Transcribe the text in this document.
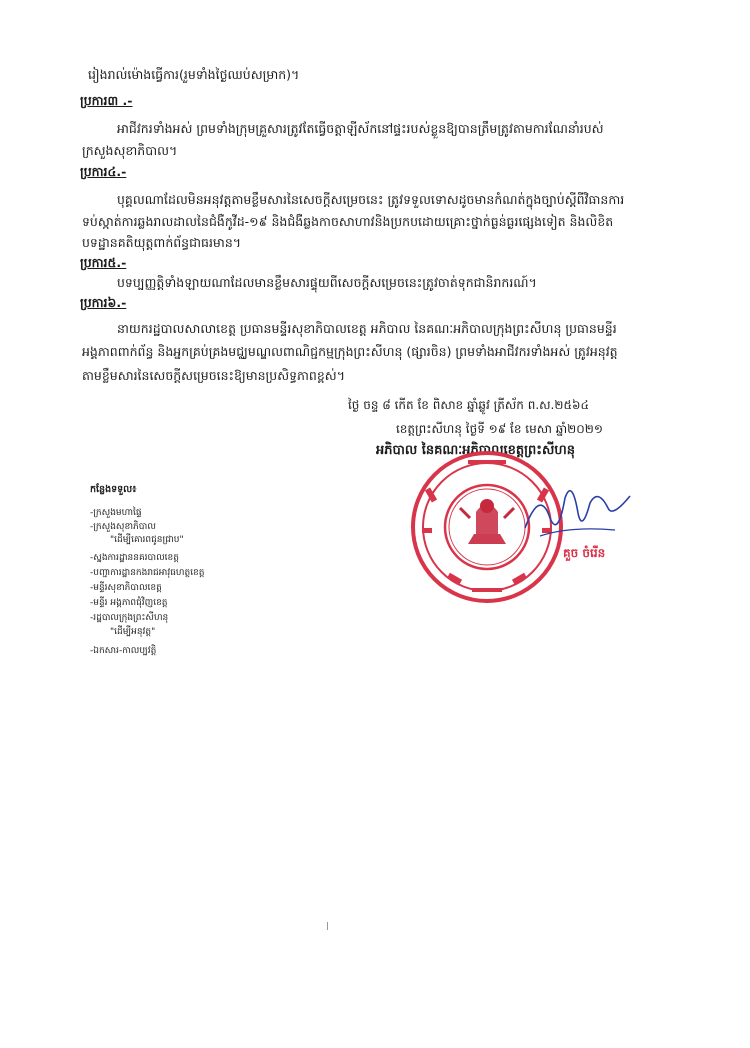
រៀងរាល់ម៉ោងធ្វើការ(រួមទាំងថ្ងៃឈប់សម្រាក)។
ប្រការ៣ .-
អាជីវករទាំងអស់ ព្រមទាំងក្រុមគ្រួសារត្រូវតែធ្វើចត្តាឡីស័កនៅផ្ទះរបស់ខ្លួនឱ្យបានត្រឹមត្រូវតាមការណែនាំរបស់
ក្រសួងសុខាភិបាល។
ប្រការ៤.-
បុគ្គលណាដែលមិនអនុវត្តតាមខ្លឹមសារនៃសេចក្តីសម្រេចនេះ ត្រូវទទួលទោសដូចមានកំណត់ក្នុងច្បាប់ស្តីពីវិធានការ
ទប់ស្កាត់ការឆ្លងរាលដាលនៃជំងឺកូវីដ-១៩ និងជំងឺឆ្លងកាចសាហាវនិងប្រកបដោយគ្រោះថ្នាក់ធ្ងន់ធ្ងរផ្សេងទៀត និងលិខិត
បទដ្ឋានគតិយុត្តពាក់ព័ន្ធជាធរមាន។
ប្រការ៥.-
បទប្បញ្ញត្តិទាំងឡាយណាដែលមានខ្លឹមសារផ្ទុយពីសេចក្តីសម្រេចនេះត្រូវចាត់ទុកជានិរាករណ៍។
ប្រការ៦.-
នាយករដ្ឋបាលសាលាខេត្ត ប្រធានមន្ទីរសុខាភិបាលខេត្ត អភិបាល នៃគណៈអភិបាលក្រុងព្រះសីហនុ ប្រធានមន្ទីរ
អង្គភាពពាក់ព័ន្ធ និងអ្នកគ្រប់គ្រងមជ្ឈមណ្ឌលពាណិជ្ជកម្មក្រុងព្រះសីហនុ (ផ្សារចិន) ព្រមទាំងអាជីវករទាំងអស់ ត្រូវអនុវត្ត
តាមខ្លឹមសារនៃសេចក្តីសម្រេចនេះឱ្យមានប្រសិទ្ធភាពខ្ពស់។
ថ្ងៃ ចន្ទ ៨ កើត ខែ ពិសាខ ឆ្នាំឆ្លូវ ត្រីស័ក ព.ស.២៥៦៤
ខេត្តព្រះសីហនុ ថ្ងៃទី ១៩ ខែ មេសា ឆ្នាំ២០២១
អភិបាល នៃគណៈអភិបាលខេត្តព្រះសីហនុ
គួច ចំរើន
កន្លែងទទួល៖
-ក្រសួងមហាផ្ទៃ
-ក្រសួងសុខាភិបាល
"ដើម្បីគោរពជូនជ្រាប"
-ស្នងការដ្ឋាននគរបាលខេត្ត
-បញ្ជាការដ្ឋានកងរាជអាវុធហត្ថខេត្ត
-មន្ទីរសុខាភិបាលខេត្ត
-មន្ទីរ អង្គភាពជុំវិញខេត្ត
-រដ្ឋបាលក្រុងព្រះសីហនុ
"ដើម្បីអនុវត្ត"
-ឯកសារ-កាលប្បវត្តិ
